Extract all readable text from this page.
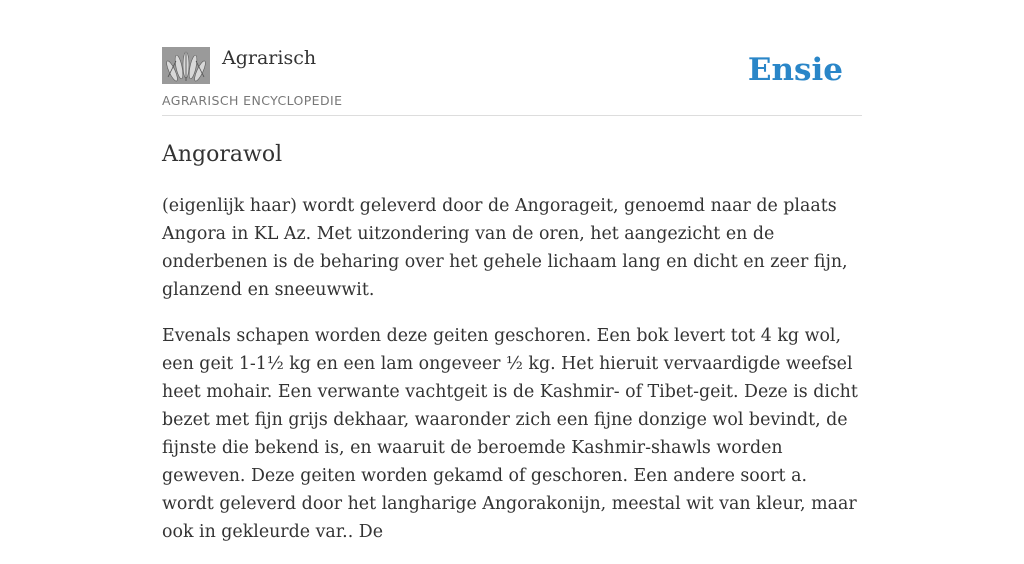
Agrarisch
AGRARISCH ENCYCLOPEDIE
Ensie
Angorawol

(eigenlijk haar) wordt geleverd door de Angorageit, genoemd naar de plaats Angora in KL Az. Met uitzondering van de oren, het aangezicht en de onderbenen is de beharing over het gehele lichaam lang en dicht en zeer fijn, glanzend en sneeuwwit.

Evenals schapen worden deze geiten geschoren. Een bok levert tot 4 kg wol, een geit 1-1½ kg en een lam ongeveer ½ kg. Het hieruit vervaardigde weefsel heet mohair. Een verwante vachtgeit is de Kashmir- of Tibet-geit. Deze is dicht bezet met fijn grijs dekhaar, waaronder zich een fijne donzige wol bevindt, de fijnste die bekend is, en waaruit de beroemde Kashmir-shawls worden geweven. Deze geiten worden gekamd of geschoren. Een andere soort a. wordt geleverd door het langharige Angorakonijn, meestal wit van kleur, maar ook in gekleurde var.. De
